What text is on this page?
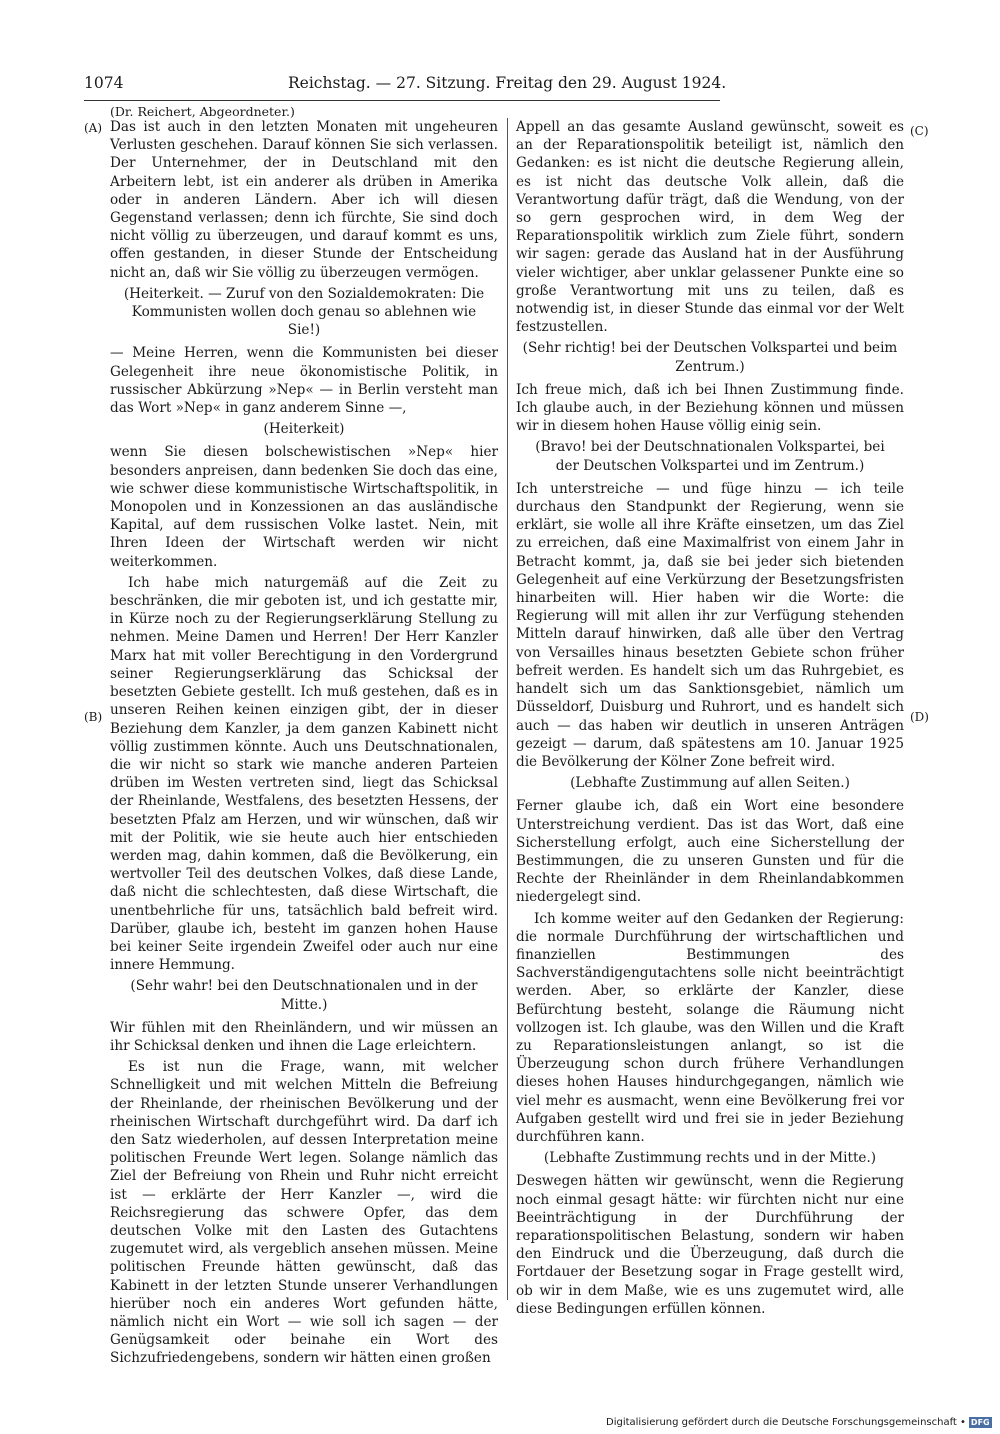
1074	Reichstag. — 27. Sitzung. Freitag den 29. August 1924.
(Dr. Reichert, Abgeordneter.)
(A)
(B)
(C)
(D)

Das ist auch in den letzten Monaten mit ungeheuren Verlusten geschehen. Darauf können Sie sich verlassen. Der Unternehmer, der in Deutschland mit den Arbeitern lebt, ist ein anderer als drüben in Amerika oder in anderen Ländern. Aber ich will diesen Gegenstand verlassen; denn ich fürchte, Sie sind doch nicht völlig zu überzeugen, und darauf kommt es uns, offen gestanden, in dieser Stunde der Entscheidung nicht an, daß wir Sie völlig zu überzeugen vermögen.

(Heiterkeit. — Zuruf von den Sozialdemokraten: Die Kommunisten wollen doch genau so ablehnen wie Sie!)

— Meine Herren, wenn die Kommunisten bei dieser Gelegenheit ihre neue ökonomistische Politik, in russischer Abkürzung »Nep« — in Berlin versteht man das Wort »Nep« in ganz anderem Sinne —,

(Heiterkeit)

wenn Sie diesen bolschewistischen »Nep« hier besonders anpreisen, dann bedenken Sie doch das eine, wie schwer diese kommunistische Wirtschaftspolitik, in Monopolen und in Konzessionen an das ausländische Kapital, auf dem russischen Volke lastet. Nein, mit Ihren Ideen der Wirtschaft werden wir nicht weiterkommen.

Ich habe mich naturgemäß auf die Zeit zu beschränken, die mir geboten ist, und ich gestatte mir, in Kürze noch zu der Regierungserklärung Stellung zu nehmen. Meine Damen und Herren! Der Herr Kanzler Marx hat mit voller Berechtigung in den Vordergrund seiner Regierungserklärung das Schicksal der besetzten Gebiete gestellt. Ich muß gestehen, daß es in unseren Reihen keinen einzigen gibt, der in dieser Beziehung dem Kanzler, ja dem ganzen Kabinett nicht völlig zustimmen könnte. Auch uns Deutschnationalen, die wir nicht so stark wie manche anderen Parteien drüben im Westen vertreten sind, liegt das Schicksal der Rheinlande, Westfalens, des besetzten Hessens, der besetzten Pfalz am Herzen, und wir wünschen, daß wir mit der Politik, wie sie heute auch hier entschieden werden mag, dahin kommen, daß die Bevölkerung, ein wertvoller Teil des deutschen Volkes, daß diese Lande, daß nicht die schlechtesten, daß diese Wirtschaft, die unentbehrliche für uns, tatsächlich bald befreit wird. Darüber, glaube ich, besteht im ganzen hohen Hause bei keiner Seite irgendein Zweifel oder auch nur eine innere Hemmung.

(Sehr wahr! bei den Deutschnationalen und in der Mitte.)

Wir fühlen mit den Rheinländern, und wir müssen an ihr Schicksal denken und ihnen die Lage erleichtern.

Es ist nun die Frage, wann, mit welcher Schnelligkeit und mit welchen Mitteln die Befreiung der Rheinlande, der rheinischen Bevölkerung und der rheinischen Wirtschaft durchgeführt wird. Da darf ich den Satz wiederholen, auf dessen Interpretation meine politischen Freunde Wert legen. Solange nämlich das Ziel der Befreiung von Rhein und Ruhr nicht erreicht ist — erklärte der Herr Kanzler —, wird die Reichsregierung das schwere Opfer, das dem deutschen Volke mit den Lasten des Gutachtens zugemutet wird, als vergeblich ansehen müssen. Meine politischen Freunde hätten gewünscht, daß das Kabinett in der letzten Stunde unserer Verhandlungen hierüber noch ein anderes Wort gefunden hätte, nämlich nicht ein Wort — wie soll ich sagen — der Genügsamkeit oder beinahe ein Wort des Sichzufriedengebens, sondern wir hätten einen großen

Appell an das gesamte Ausland gewünscht, soweit es an der Reparationspolitik beteiligt ist, nämlich den Gedanken: es ist nicht die deutsche Regierung allein, es ist nicht das deutsche Volk allein, daß die Verantwortung dafür trägt, daß die Wendung, von der so gern gesprochen wird, in dem Weg der Reparationspolitik wirklich zum Ziele führt, sondern wir sagen: gerade das Ausland hat in der Ausführung vieler wichtiger, aber unklar gelassener Punkte eine so große Verantwortung mit uns zu teilen, daß es notwendig ist, in dieser Stunde das einmal vor der Welt festzustellen.

(Sehr richtig! bei der Deutschen Volkspartei und beim Zentrum.)

Ich freue mich, daß ich bei Ihnen Zustimmung finde. Ich glaube auch, in der Beziehung können und müssen wir in diesem hohen Hause völlig einig sein.

(Bravo! bei der Deutschnationalen Volkspartei, bei der Deutschen Volkspartei und im Zentrum.)

Ich unterstreiche — und füge hinzu — ich teile durchaus den Standpunkt der Regierung, wenn sie erklärt, sie wolle all ihre Kräfte einsetzen, um das Ziel zu erreichen, daß eine Maximalfrist von einem Jahr in Betracht kommt, ja, daß sie bei jeder sich bietenden Gelegenheit auf eine Verkürzung der Besetzungsfristen hinarbeiten will. Hier haben wir die Worte: die Regierung will mit allen ihr zur Verfügung stehenden Mitteln darauf hinwirken, daß alle über den Vertrag von Versailles hinaus besetzten Gebiete schon früher befreit werden. Es handelt sich um das Ruhrgebiet, es handelt sich um das Sanktionsgebiet, nämlich um Düsseldorf, Duisburg und Ruhrort, und es handelt sich auch — das haben wir deutlich in unseren Anträgen gezeigt — darum, daß spätestens am 10. Januar 1925 die Bevölkerung der Kölner Zone befreit wird.

(Lebhafte Zustimmung auf allen Seiten.)

Ferner glaube ich, daß ein Wort eine besondere Unterstreichung verdient. Das ist das Wort, daß eine Sicherstellung erfolgt, auch eine Sicherstellung der Bestimmungen, die zu unseren Gunsten und für die Rechte der Rheinländer in dem Rheinlandabkommen niedergelegt sind.

Ich komme weiter auf den Gedanken der Regierung: die normale Durchführung der wirtschaftlichen und finanziellen Bestimmungen des Sachverständigengutachtens solle nicht beeinträchtigt werden. Aber, so erklärte der Kanzler, diese Befürchtung besteht, solange die Räumung nicht vollzogen ist. Ich glaube, was den Willen und die Kraft zu Reparationsleistungen anlangt, so ist die Überzeugung schon durch frühere Verhandlungen dieses hohen Hauses hindurchgegangen, nämlich wie viel mehr es ausmacht, wenn eine Bevölkerung frei vor Aufgaben gestellt wird und frei sie in jeder Beziehung durchführen kann.

(Lebhafte Zustimmung rechts und in der Mitte.)

Deswegen hätten wir gewünscht, wenn die Regierung noch einmal gesagt hätte: wir fürchten nicht nur eine Beeinträchtigung in der Durchführung der reparationspolitischen Belastung, sondern wir haben den Eindruck und die Überzeugung, daß durch die Fortdauer der Besetzung sogar in Frage gestellt wird, ob wir in dem Maße, wie es uns zugemutet wird, alle diese Bedingungen erfüllen können.

Digitalisierung gefördert durch die Deutsche Forschungsgemeinschaft • DFG
